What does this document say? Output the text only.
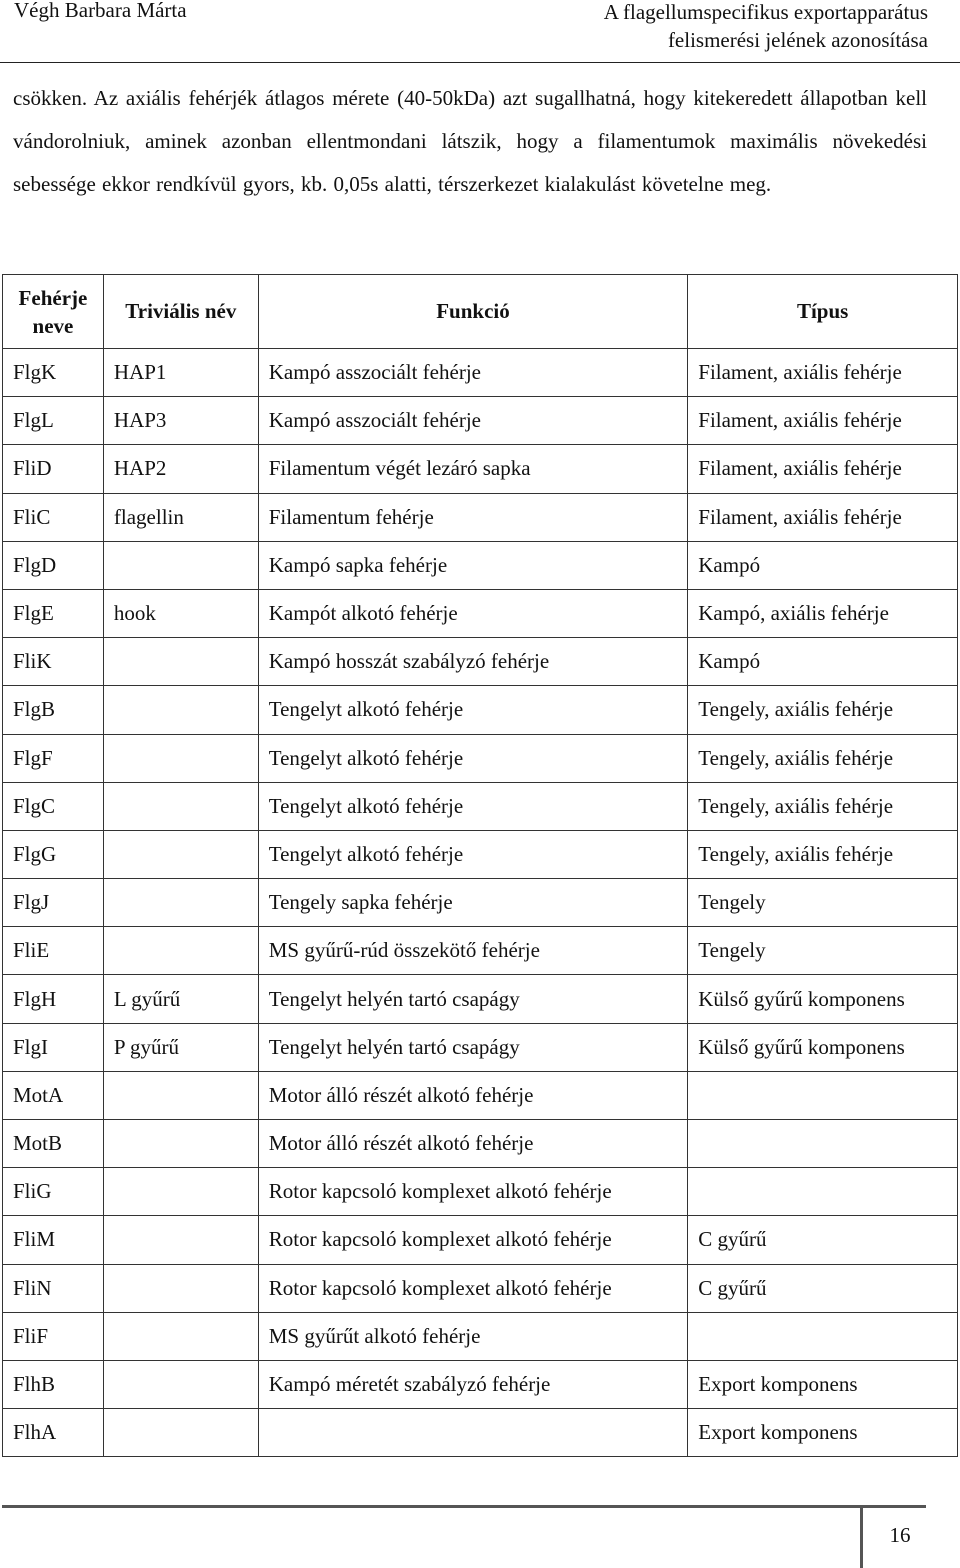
Végh Barbara Márta	A flagellumspecifikus exportapparátus
felismerési jelének azonosítása
csökken. Az axiális fehérjék átlagos mérete (40-50kDa) azt sugallhatná, hogy kitekeredett állapotban kell vándorolniuk, aminek azonban ellentmondani látszik, hogy a filamentumok maximális növekedési sebessége ekkor rendkívül gyors, kb. 0,05s alatti, térszerkezet kialakulást követelne meg.
Fehérje
neve	Triviális név	Funkció	Típus
FlgK	HAP1	Kampó asszociált fehérje	Filament, axiális fehérje
FlgL	HAP3	Kampó asszociált fehérje	Filament, axiális fehérje
FliD	HAP2	Filamentum végét lezáró sapka	Filament, axiális fehérje
FliC	flagellin	Filamentum fehérje	Filament, axiális fehérje
FlgD		Kampó sapka fehérje	Kampó
FlgE	hook	Kampót alkotó fehérje	Kampó, axiális fehérje
FliK		Kampó hosszát szabályzó fehérje	Kampó
FlgB		Tengelyt alkotó fehérje	Tengely, axiális fehérje
FlgF		Tengelyt alkotó fehérje	Tengely, axiális fehérje
FlgC		Tengelyt alkotó fehérje	Tengely, axiális fehérje
FlgG		Tengelyt alkotó fehérje	Tengely, axiális fehérje
FlgJ		Tengely sapka fehérje	Tengely
FliE		MS gyűrű-rúd összekötő fehérje	Tengely
FlgH	L gyűrű	Tengelyt helyén tartó csapágy	Külső gyűrű komponens
FlgI	P gyűrű	Tengelyt helyén tartó csapágy	Külső gyűrű komponens
MotA		Motor álló részét alkotó fehérje	
MotB		Motor álló részét alkotó fehérje	
FliG		Rotor kapcsoló komplexet alkotó fehérje	
FliM		Rotor kapcsoló komplexet alkotó fehérje	C gyűrű
FliN		Rotor kapcsoló komplexet alkotó fehérje	C gyűrű
FliF		MS gyűrűt alkotó fehérje	
FlhB		Kampó méretét szabályzó fehérje	Export komponens
FlhA			Export komponens
16
